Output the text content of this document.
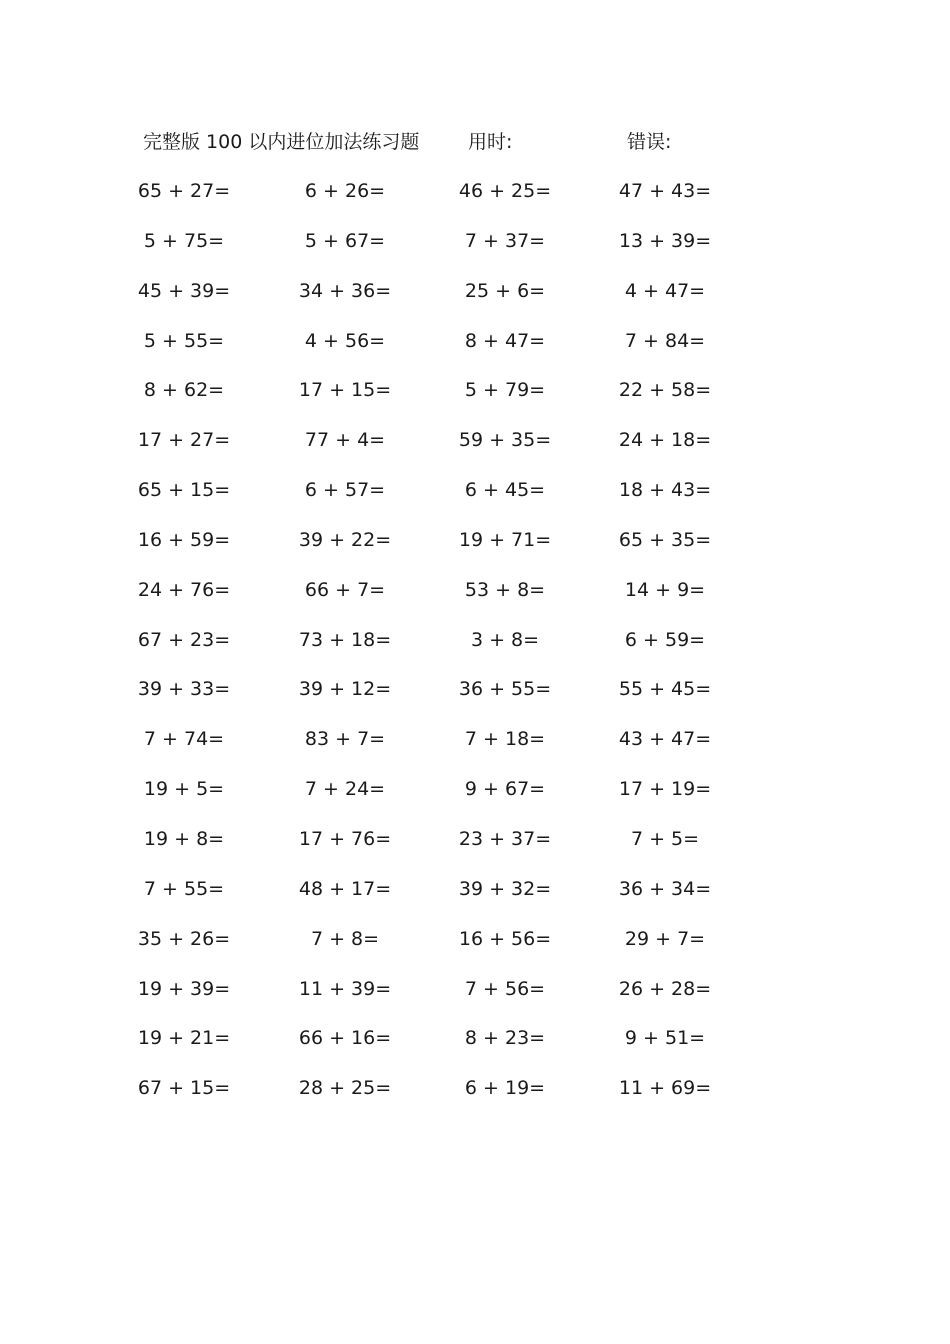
完整版 100 以内进位加法练习题	用时:	错误:
65 + 27=	6 + 26=	46 + 25=	47 + 43=
5 + 75=	5 + 67=	7 + 37=	13 + 39=
45 + 39=	34 + 36=	25 + 6=	4 + 47=
5 + 55=	4 + 56=	8 + 47=	7 + 84=
8 + 62=	17 + 15=	5 + 79=	22 + 58=
17 + 27=	77 + 4=	59 + 35=	24 + 18=
65 + 15=	6 + 57=	6 + 45=	18 + 43=
16 + 59=	39 + 22=	19 + 71=	65 + 35=
24 + 76=	66 + 7=	53 + 8=	14 + 9=
67 + 23=	73 + 18=	3 + 8=	6 + 59=
39 + 33=	39 + 12=	36 + 55=	55 + 45=
7 + 74=	83 + 7=	7 + 18=	43 + 47=
19 + 5=	7 + 24=	9 + 67=	17 + 19=
19 + 8=	17 + 76=	23 + 37=	7 + 5=
7 + 55=	48 + 17=	39 + 32=	36 + 34=
35 + 26=	7 + 8=	16 + 56=	29 + 7=
19 + 39=	11 + 39=	7 + 56=	26 + 28=
19 + 21=	66 + 16=	8 + 23=	9 + 51=
67 + 15=	28 + 25=	6 + 19=	11 + 69=
